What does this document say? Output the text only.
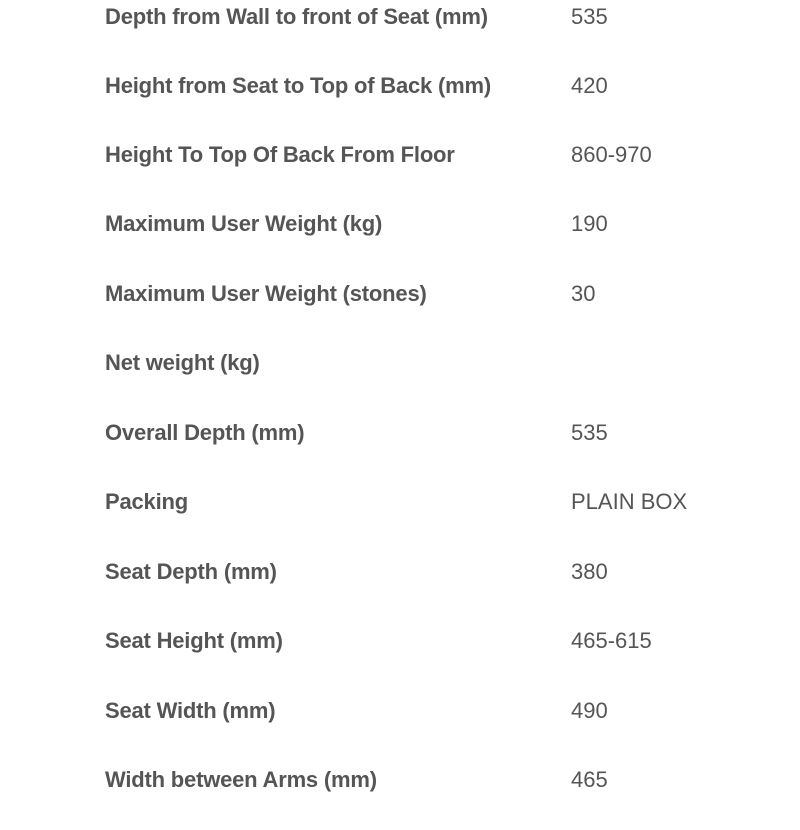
Depth from Wall to front of Seat (mm)	535
Height from Seat to Top of Back (mm)	420
Height To Top Of Back From Floor	860-970
Maximum User Weight (kg)	190
Maximum User Weight (stones)	30
Net weight (kg)
Overall Depth (mm)	535
Packing	PLAIN BOX
Seat Depth (mm)	380
Seat Height (mm)	465-615
Seat Width (mm)	490
Width between Arms (mm)	465
